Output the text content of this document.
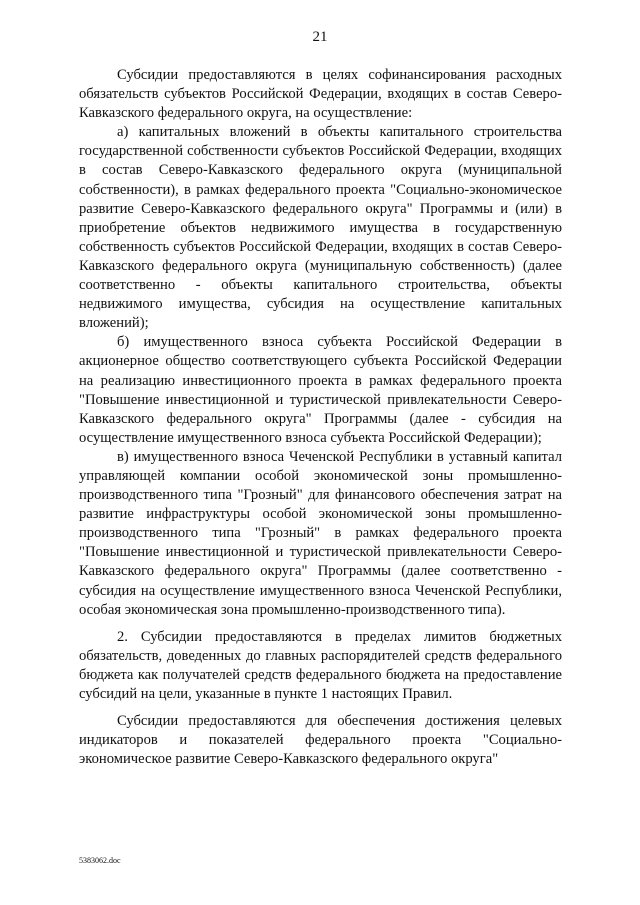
21

Субсидии предоставляются в целях софинансирования расходных обязательств субъектов Российской Федерации, входящих в состав Северо-Кавказского федерального округа, на осуществление:

а) капитальных вложений в объекты капитального строительства государственной собственности субъектов Российской Федерации, входящих в состав Северо-Кавказского федерального округа (муниципальной собственности), в рамках федерального проекта "Социально-экономическое развитие Северо-Кавказского федерального округа" Программы и (или) в приобретение объектов недвижимого имущества в государственную собственность субъектов Российской Федерации, входящих в состав Северо-Кавказского федерального округа (муниципальную собственность) (далее соответственно - объекты капитального строительства, объекты недвижимого имущества, субсидия на осуществление капитальных вложений);

б) имущественного взноса субъекта Российской Федерации в акционерное общество соответствующего субъекта Российской Федерации на реализацию инвестиционного проекта в рамках федерального проекта "Повышение инвестиционной и туристической привлекательности Северо-Кавказского федерального округа" Программы (далее - субсидия на осуществление имущественного взноса субъекта Российской Федерации);

в) имущественного взноса Чеченской Республики в уставный капитал управляющей компании особой экономической зоны промышленно-производственного типа "Грозный" для финансового обеспечения затрат на развитие инфраструктуры особой экономической зоны промышленно-производственного типа "Грозный" в рамках федерального проекта "Повышение инвестиционной и туристической привлекательности Северо-Кавказского федерального округа" Программы (далее соответственно - субсидия на осуществление имущественного взноса Чеченской Республики, особая экономическая зона промышленно-производственного типа).

2. Субсидии предоставляются в пределах лимитов бюджетных обязательств, доведенных до главных распорядителей средств федерального бюджета как получателей средств федерального бюджета на предоставление субсидий на цели, указанные в пункте 1 настоящих Правил.

Субсидии предоставляются для обеспечения достижения целевых индикаторов и показателей федерального проекта "Социально-экономическое развитие Северо-Кавказского федерального округа"

5383062.doc
